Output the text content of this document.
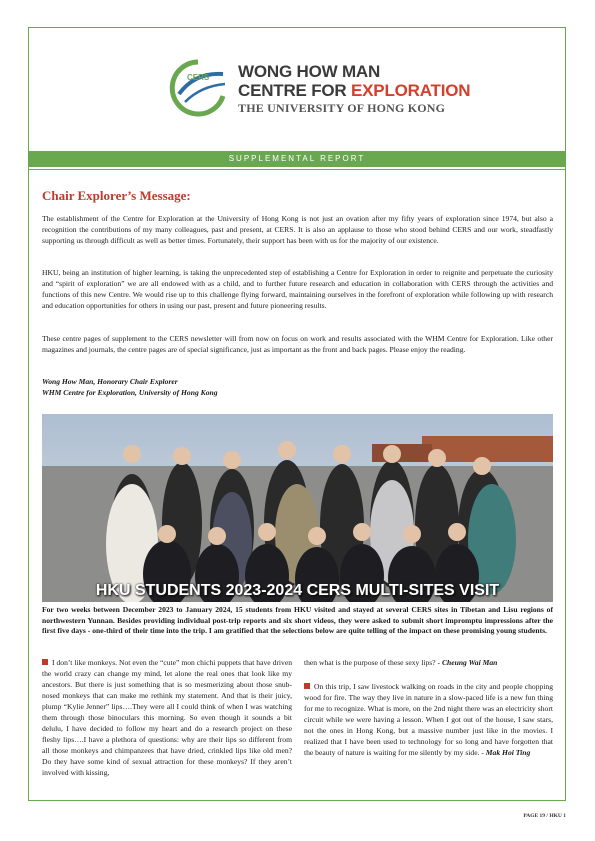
CERS WONG HOW MAN
CENTRE FOR EXPLORATION
THE UNIVERSITY OF HONG KONG
SUPPLEMENTAL REPORT
Chair Explorer’s Message:

The establishment of the Centre for Exploration at the University of Hong Kong is not just an ovation after my fifty years of exploration since 1974, but also a recognition the contributions of my many colleagues, past and present, at CERS. It is also an applause to those who stood behind CERS and our work, steadfastly supporting us through difficult as well as better times. Fortunately, their support has been with us for the majority of our existence.

HKU, being an institution of higher learning, is taking the unprecedented step of establishing a Centre for Exploration in order to reignite and perpetuate the curiosity and “spirit of exploration” we are all endowed with as a child, and to further future research and education in collaboration with CERS through the activities and functions of this new Centre. We would rise up to this challenge flying forward, maintaining ourselves in the forefront of exploration while following up with research and education opportunities for others in using our past, present and future pioneering results.

These centre pages of supplement to the CERS newsletter will from now on focus on work and results associated with the WHM Centre for Exploration. Like other magazines and journals, the centre pages are of special significance, just as important as the front and back pages. Please enjoy the reading.

Wong How Man, Honorary Chair Explorer

WHM Centre for Exploration, University of Hong Kong

HKU STUDENTS 2023-2024 CERS MULTI-SITES VISIT

For two weeks between December 2023 to January 2024, 15 students from HKU visited and stayed at several CERS sites in Tibetan and Lisu regions of northwestern Yunnan. Besides providing individual post-trip reports and six short videos, they were asked to submit short impromptu impressions after the first five days - one-third of their time into the trip. I am gratified that the selections below are quite telling of the impact on these promising young students.

I don’t like monkeys. Not even the “cute” mon chichi puppets that have driven the world crazy can change my mind, let alone the real ones that look like my ancestors. But there is just something that is so mesmerizing about those snub-nosed monkeys that can make me rethink my statement. And that is their juicy, plump “Kylie Jenner” lips….They were all I could think of when I was watching them through those binoculars this morning. So even though it sounds a bit delulu, I have decided to follow my heart and do a research project on these fleshy lips….I have a plethora of questions: why are their lips so different from all those monkeys and chimpanzees that have dried, crinkled lips like old men? Do they have some kind of sexual attraction for these monkeys? If they aren’t involved with kissing,

then what is the purpose of these sexy lips? - Cheung Wai Man

On this trip, I saw livestock walking on roads in the city and people chopping wood for fire. The way they live in nature in a slow-paced life is a new fun thing for me to recognize. What is more, on the 2nd night there was an electricity short circuit while we were having a lesson. When I got out of the house, I saw stars, not the ones in Hong Kong, but a massive number just like in the movies. I realized that I have been used to technology for so long and have forgotten that the beauty of nature is waiting for me silently by my side. - Mak Hoi Ting

PAGE 19 / HKU 1
